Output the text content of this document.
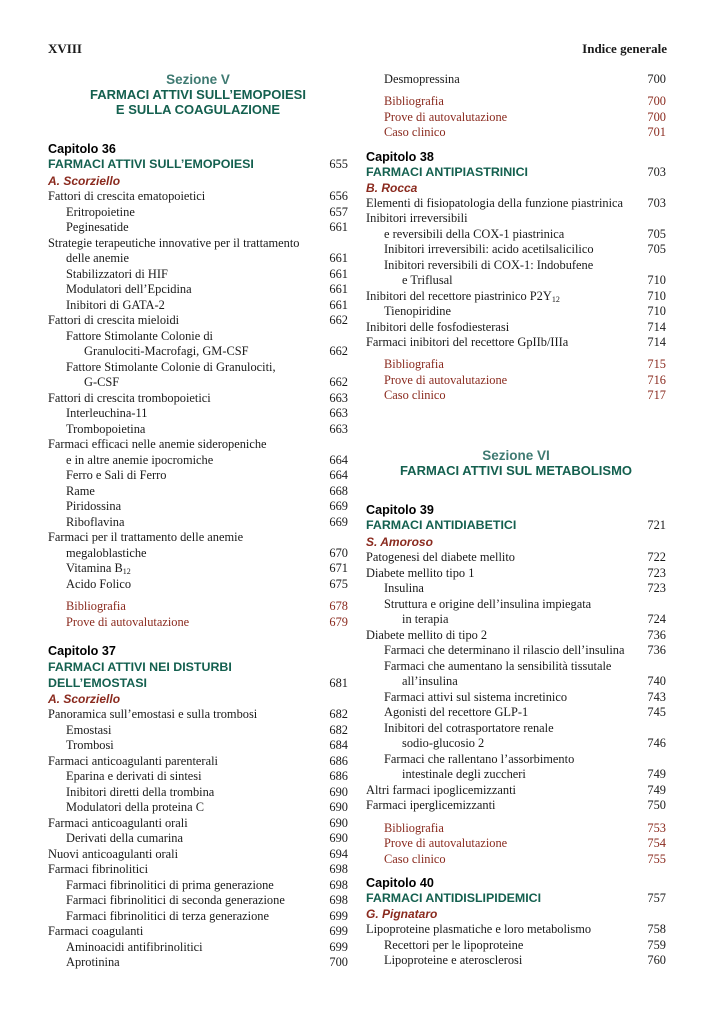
XVIII	Indice generale
Sezione V
FARMACI ATTIVI SULL’EMOPOIESI
E SULLA COAGULAZIONE
Capitolo 36
FARMACI ATTIVI SULL’EMOPOIESI	655
A. Scorziello
Fattori di crescita ematopoietici	656
Eritropoietine	657
Peginesatide	661
Strategie terapeutiche innovative per il trattamento
delle anemie	661
Stabilizzatori di HIF	661
Modulatori dell’Epcidina	661
Inibitori di GATA-2	661
Fattori di crescita mieloidi	662
Fattore Stimolante Colonie di
Granulociti-Macrofagi, GM-CSF	662
Fattore Stimolante Colonie di Granulociti,
G-CSF	662
Fattori di crescita trombopoietici	663
Interleuchina-11	663
Trombopoietina	663
Farmaci efficaci nelle anemie sideropeniche
e in altre anemie ipocromiche	664
Ferro e Sali di Ferro	664
Rame	668
Piridossina	669
Riboflavina	669
Farmaci per il trattamento delle anemie
megaloblastiche	670
Vitamina $B_{12}$	671
Acido Folico	675
Bibliografia	678
Prove di autovalutazione	679
Capitolo 37
FARMACI ATTIVI NEI DISTURBI
DELL’EMOSTASI	681
A. Scorziello
Panoramica sull’emostasi e sulla trombosi	682
Emostasi	682
Trombosi	684
Farmaci anticoagulanti parenterali	686
Eparina e derivati di sintesi	686
Inibitori diretti della trombina	690
Modulatori della proteina C	690
Farmaci anticoagulanti orali	690
Derivati della cumarina	690
Nuovi anticoagulanti orali	694
Farmaci fibrinolitici	698
Farmaci fibrinolitici di prima generazione	698
Farmaci fibrinolitici di seconda generazione	698
Farmaci fibrinolitici di terza generazione	699
Farmaci coagulanti	699
Aminoacidi antifibrinolitici	699
Aprotinina	700
Desmopressina	700
Bibliografia	700
Prove di autovalutazione	700
Caso clinico	701
Capitolo 38
FARMACI ANTIPIASTRINICI	703
B. Rocca
Elementi di fisiopatologia della funzione piastrinica 703
Inibitori irreversibili
e reversibili della COX-1 piastrinica	705
Inibitori irreversibili: acido acetilsalicilico	705
Inibitori reversibili di COX-1: Indobufene
e Triflusal	710
Inibitori del recettore piastrinico $P2Y_{12}$	710
Tienopiridine	710
Inibitori delle fosfodiesterasi	714
Farmaci inibitori del recettore GpIIb/IIIa	714
Bibliografia	715
Prove di autovalutazione	716
Caso clinico	717
Sezione VI
FARMACI ATTIVI SUL METABOLISMO
Capitolo 39
FARMACI ANTIDIABETICI	721
S. Amoroso
Patogenesi del diabete mellito	722
Diabete mellito tipo 1	723
Insulina	723
Struttura e origine dell’insulina impiegata
in terapia	724
Diabete mellito di tipo 2	736
Farmaci che determinano il rilascio dell’insulina 736
Farmaci che aumentano la sensibilità tissutale
all’insulina	740
Farmaci attivi sul sistema incretinico	743
Agonisti del recettore GLP-1	745
Inibitori del cotrasportatore renale
sodio-glucosio 2	746
Farmaci che rallentano l’assorbimento
intestinale degli zuccheri	749
Altri farmaci ipoglicemizzanti	749
Farmaci iperglicemizzanti	750
Bibliografia	753
Prove di autovalutazione	754
Caso clinico	755
Capitolo 40
FARMACI ANTIDISLIPIDEMICI	757
G. Pignataro
Lipoproteine plasmatiche e loro metabolismo	758
Recettori per le lipoproteine	759
Lipoproteine e aterosclerosi	760
